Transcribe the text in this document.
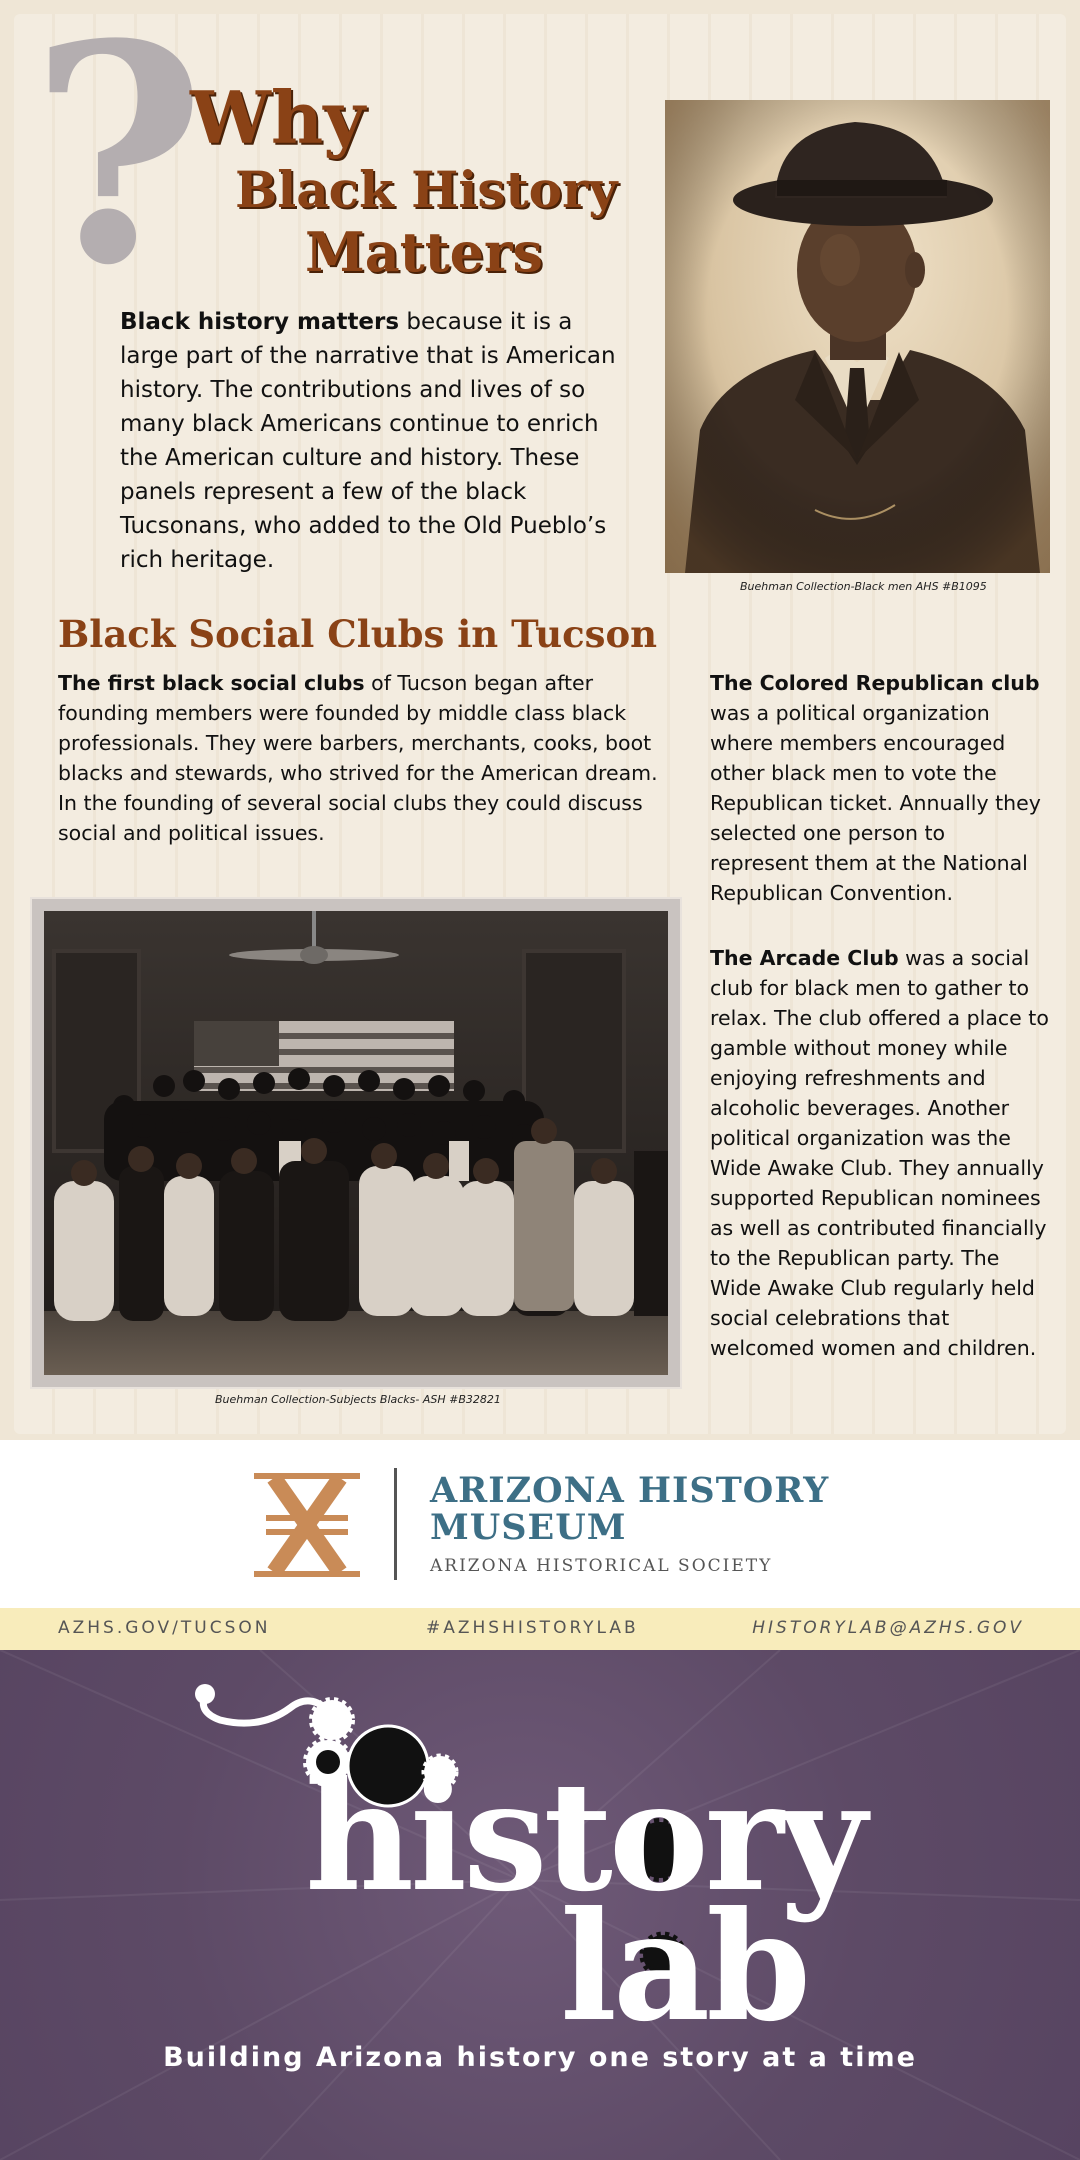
?
Why
Black History
Matters
Black history matters because it is a large part of the narrative that is American history. The contributions and lives of so many black Americans continue to enrich the American culture and history. These panels represent a few of the black Tucsonans, who added to the Old Pueblo’s rich heritage.
Buehman Collection-Black men AHS #B1095
Black Social Clubs in Tucson
The first black social clubs of Tucson began after founding members were founded by middle class black professionals. They were barbers, merchants, cooks, boot blacks and stewards, who strived for the American dream. In the founding of several social clubs they could discuss social and political issues.
The Colored Republican club was a political organization where members encouraged other black men to vote the Republican ticket. Annually they selected one person to represent them at the National Republican Convention.
The Arcade Club was a social club for black men to gather to relax. The club offered a place to gamble without money while enjoying refreshments and alcoholic beverages. Another political organization was the Wide Awake Club. They annually supported Republican nominees as well as contributed financially to the Republican party. The Wide Awake Club regularly held social celebrations that welcomed women and children.
Buehman Collection-Subjects Blacks- ASH #B32821
ARIZONA HISTORY MUSEUM
ARIZONA HISTORICAL SOCIETY
AZHS.GOV/TUCSON	#AZHSHISTORYLAB	HISTORYLAB@AZHS.GOV
history
lab
Building Arizona history one story at a time
